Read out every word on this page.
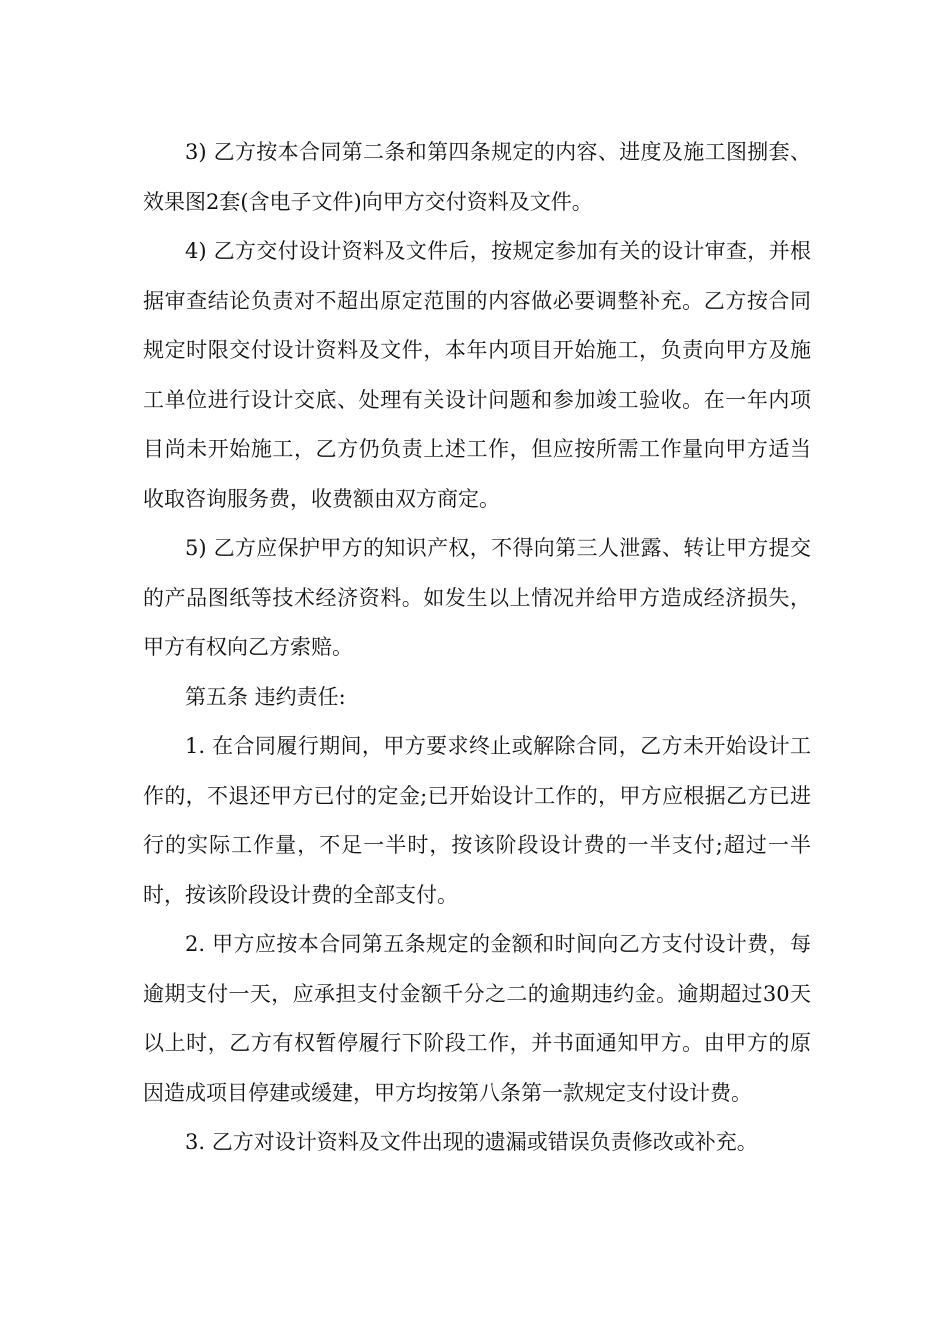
3) 乙方按本合同第二条和第四条规定的内容、进度及施工图捌套、效果图2套(含电子文件)向甲方交付资料及文件。

4) 乙方交付设计资料及文件后，按规定参加有关的设计审查，并根据审查结论负责对不超出原定范围的内容做必要调整补充。乙方按合同规定时限交付设计资料及文件，本年内项目开始施工，负责向甲方及施工单位进行设计交底、处理有关设计问题和参加竣工验收。在一年内项目尚未开始施工，乙方仍负责上述工作，但应按所需工作量向甲方适当收取咨询服务费，收费额由双方商定。

5) 乙方应保护甲方的知识产权，不得向第三人泄露、转让甲方提交的产品图纸等技术经济资料。如发生以上情况并给甲方造成经济损失，甲方有权向乙方索赔。

第五条 违约责任:

1. 在合同履行期间，甲方要求终止或解除合同，乙方未开始设计工作的，不退还甲方已付的定金;已开始设计工作的，甲方应根据乙方已进行的实际工作量，不足一半时，按该阶段设计费的一半支付;超过一半时，按该阶段设计费的全部支付。

2. 甲方应按本合同第五条规定的金额和时间向乙方支付设计费，每逾期支付一天，应承担支付金额千分之二的逾期违约金。逾期超过30天以上时，乙方有权暂停履行下阶段工作，并书面通知甲方。由甲方的原因造成项目停建或缓建，甲方均按第八条第一款规定支付设计费。

3. 乙方对设计资料及文件出现的遗漏或错误负责修改或补充。
